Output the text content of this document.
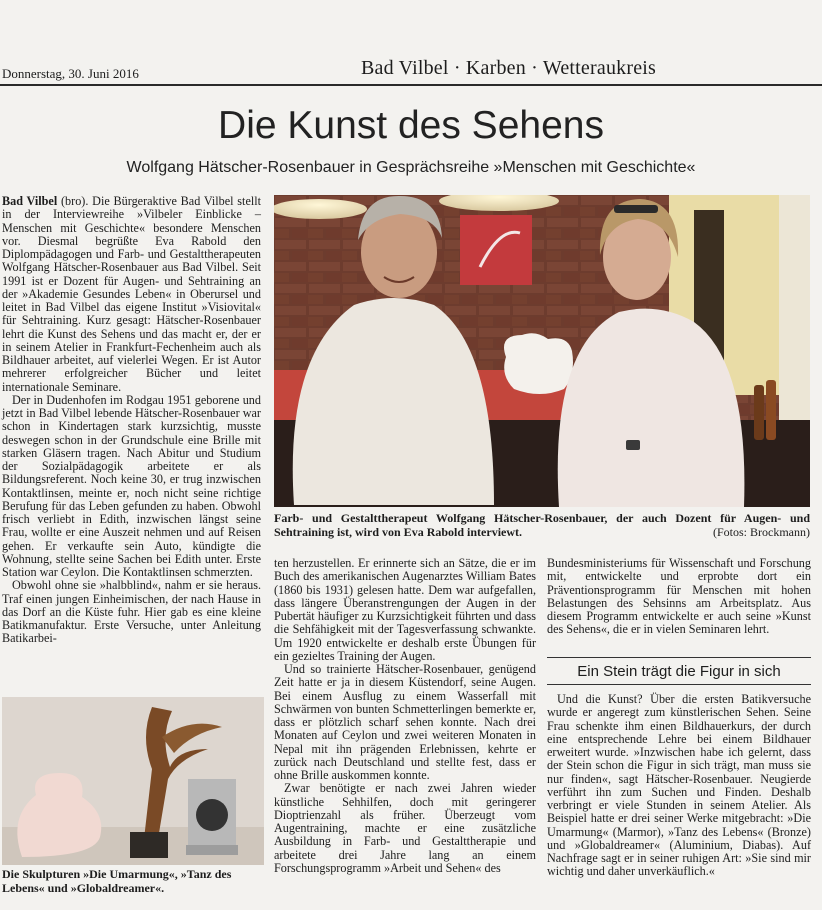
Donnerstag, 30. Juni 2016	Bad Vilbel · Karben · Wetteraukreis
Die Kunst des Sehens
Wolfgang Hätscher-Rosenbauer in Gesprächsreihe »Menschen mit Geschichte«

Bad Vilbel (bro). Die Bürgeraktive Bad Vilbel stellt in der Interviewreihe »Vilbeler Einblicke – Menschen mit Geschichte« besondere Menschen vor. Diesmal begrüßte Eva Rabold den Diplompädagogen und Farb- und Gestalttherapeuten Wolfgang Hätscher-Rosenbauer aus Bad Vilbel. Seit 1991 ist er Dozent für Augen- und Sehtraining an der »Akademie Gesundes Leben« in Oberursel und leitet in Bad Vilbel das eigene Institut »Visiovital« für Sehtraining. Kurz gesagt: Hätscher-Rosenbauer lehrt die Kunst des Sehens und das macht er, der er in seinem Atelier in Frankfurt-Fechenheim auch als Bildhauer arbeitet, auf vielerlei Wegen. Er ist Autor mehrerer erfolgreicher Bücher und leitet internationale Seminare.

Der in Dudenhofen im Rodgau 1951 geborene und jetzt in Bad Vilbel lebende Hätscher-Rosenbauer war schon in Kindertagen stark kurzsichtig, musste deswegen schon in der Grundschule eine Brille mit starken Gläsern tragen. Nach Abitur und Studium der Sozialpädagogik arbeitete er als Bildungsreferent. Noch keine 30, er trug inzwischen Kontaktlinsen, meinte er, noch nicht seine richtige Berufung für das Leben gefunden zu haben. Obwohl frisch verliebt in Edith, inzwischen längst seine Frau, wollte er eine Auszeit nehmen und auf Reisen gehen. Er verkaufte sein Auto, kündigte die Wohnung, stellte seine Sachen bei Edith unter. Erste Station war Ceylon. Die Kontaktlinsen schmerzten.

Obwohl ohne sie »halbblind«, nahm er sie heraus. Traf einen jungen Einheimischen, der nach Hause in das Dorf an die Küste fuhr. Hier gab es eine kleine Batikmanufaktur. Erste Versuche, unter Anleitung Batikarbei-

Farb- und Gestalttherapeut Wolfgang Hätscher-Rosenbauer, der auch Dozent für Augen- und Sehtraining ist, wird von Eva Rabold interviewt.	(Fotos: Brockmann)

ten herzustellen. Er erinnerte sich an Sätze, die er im Buch des amerikanischen Augenarztes William Bates (1860 bis 1931) gelesen hatte. Dem war aufgefallen, dass längere Überanstrengungen der Augen in der Pubertät häufiger zu Kurzsichtigkeit führten und dass die Sehfähigkeit mit der Tagesverfassung schwankte. Um 1920 entwickelte er deshalb erste Übungen für ein gezieltes Training der Augen.

Und so trainierte Hätscher-Rosenbauer, genügend Zeit hatte er ja in diesem Küstendorf, seine Augen. Bei einem Ausflug zu einem Wasserfall mit Schwärmen von bunten Schmetterlingen bemerkte er, dass er plötzlich scharf sehen konnte. Nach drei Monaten auf Ceylon und zwei weiteren Monaten in Nepal mit ihn prägenden Erlebnissen, kehrte er zurück nach Deutschland und stellte fest, dass er ohne Brille auskommen konnte.

Zwar benötigte er nach zwei Jahren wieder künstliche Sehhilfen, doch mit geringerer Dioptrienzahl als früher. Überzeugt vom Augentraining, machte er eine zusätzliche Ausbildung in Farb- und Gestalttherapie und arbeitete drei Jahre lang an einem Forschungsprogramm »Arbeit und Sehen« des

Bundesministeriums für Wissenschaft und Forschung mit, entwickelte und erprobte dort ein Präventionsprogramm für Menschen mit hohen Belastungen des Sehsinns am Arbeitsplatz. Aus diesem Programm entwickelte er auch seine »Kunst des Sehens«, die er in vielen Seminaren lehrt.

Ein Stein trägt die Figur in sich

Und die Kunst? Über die ersten Batikversuche wurde er angeregt zum künstlerischen Sehen. Seine Frau schenkte ihm einen Bildhauerkurs, der durch eine entsprechende Lehre bei einem Bildhauer erweitert wurde. »Inzwischen habe ich gelernt, dass der Stein schon die Figur in sich trägt, man muss sie nur finden«, sagt Hätscher-Rosenbauer. Neugierde verführt ihn zum Suchen und Finden. Deshalb verbringt er viele Stunden in seinem Atelier. Als Beispiel hatte er drei seiner Werke mitgebracht: »Die Umarmung« (Marmor), »Tanz des Lebens« (Bronze) und »Globaldreamer« (Aluminium, Diabas). Auf Nachfrage sagt er in seiner ruhigen Art: »Sie sind mir wichtig und daher unverkäuflich.«

Die Skulpturen »Die Umarmung«, »Tanz des Lebens« und »Globaldreamer«.
